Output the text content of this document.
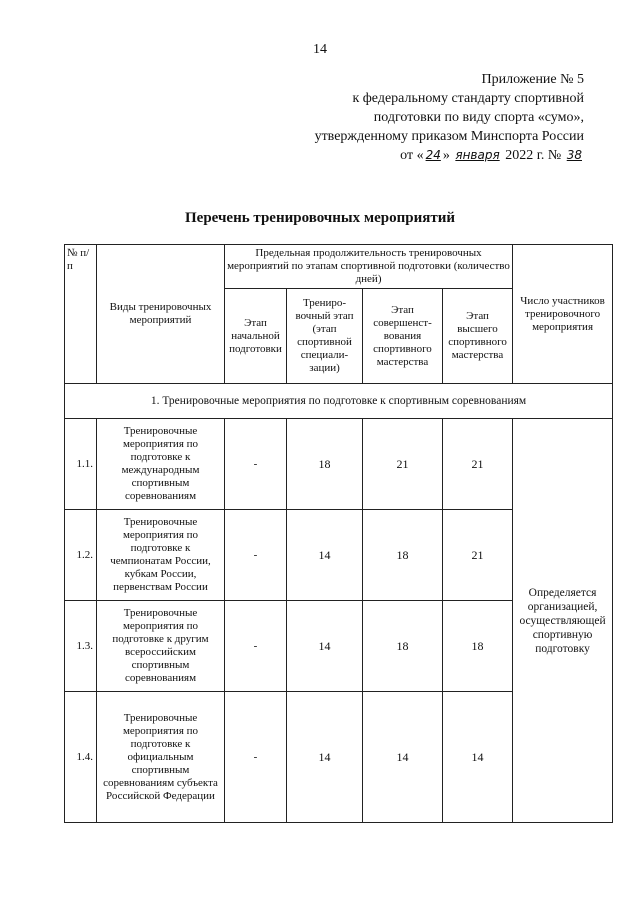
14
Приложение № 5
к федеральному стандарту спортивной
подготовки по виду спорта «сумо»,
утвержденному приказом Минспорта России
от « 24 » января 2022 г. № 38
Перечень тренировочных мероприятий
№ п/п	Виды тренировочных мероприятий	Предельная продолжительность тренировочных мероприятий по этапам спортивной подготовки (количество дней)				Число участников тренировочного мероприятия
		Этап начальной подготовки	Трениро-вочный этап (этап спортивной специали-зации)	Этап совершенст-вования спортивного мастерства	Этап высшего спортивного мастерства	
1. Тренировочные мероприятия по подготовке к спортивным соревнованиям						
1.1.	Тренировочные мероприятия по подготовке к международным спортивным соревнованиям	-	18	21	21	Определяется организацией, осуществляющей спортивную подготовку
1.2.	Тренировочные мероприятия по подготовке к чемпионатам России, кубкам России, первенствам России	-	14	18	21	
1.3.	Тренировочные мероприятия по подготовке к другим всероссийским спортивным соревнованиям	-	14	18	18	
1.4.	Тренировочные мероприятия по подготовке к официальным спортивным соревнованиям субъекта Российской Федерации	-	14	14	14	
